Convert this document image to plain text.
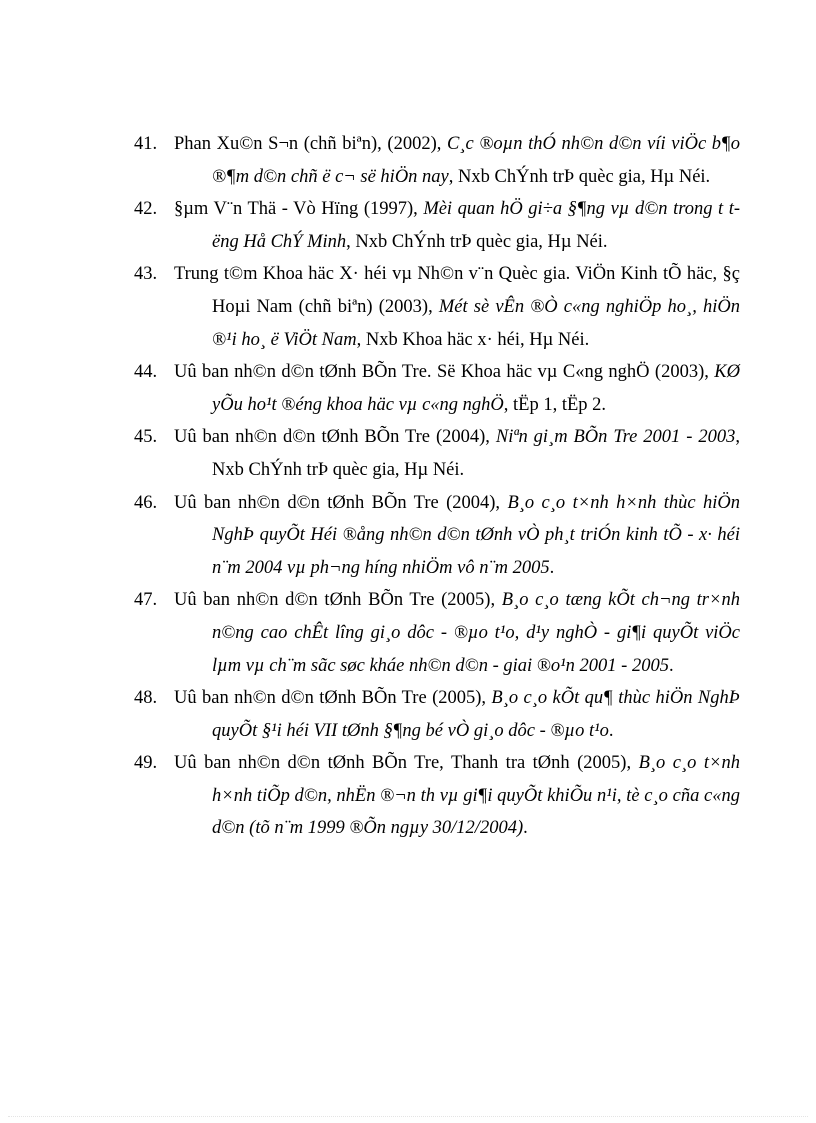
41. Phan Xu©n S¬n (chñ biªn), (2002), C¸c ®oµn thÓ nh©n d©n víi viÖc b¶o ®¶m d©n chñ ë c¬ së hiÖn nay, Nxb ChÝnh trÞ quèc gia, Hµ Néi.
42. §µm V¨n Thä - Vò Hïng (1997), Mèi quan hÖ gi÷a §¶ng vµ d©n trong t tëng Hå ChÝ Minh, Nxb ChÝnh trÞ quèc gia, Hµ Néi.
43. Trung t©m Khoa häc X· héi vµ Nh©n v¨n Quèc gia. ViÖn Kinh tÕ häc, §ç Hoµi Nam (chñ biªn) (2003), Mét sè vÊn ®Ò c«ng nghiÖp ho¸, hiÖn ®¹i ho¸ ë ViÖt Nam, Nxb Khoa häc x· héi, Hµ Néi.
44. Uû ban nh©n d©n tØnh BÕn Tre. Së Khoa häc vµ C«ng nghÖ (2003), KØ yÕu ho¹t ®éng khoa häc vµ c«ng nghÖ, tËp 1, tËp 2.
45. Uû ban nh©n d©n tØnh BÕn Tre (2004), Niªn gi¸m BÕn Tre 2001 - 2003, Nxb ChÝnh trÞ quèc gia, Hµ Néi.
46. Uû ban nh©n d©n tØnh BÕn Tre (2004), B¸o c¸o t×nh h×nh thùc hiÖn NghÞ quyÕt Héi ®ång nh©n d©n tØnh vÒ ph¸t triÓn kinh tÕ - x· héi n¨m 2004 vµ ph¬ng híng nhiÖm vô n¨m 2005.
47. Uû ban nh©n d©n tØnh BÕn Tre (2005), B¸o c¸o tæng kÕt ch¬ng tr×nh n©ng cao chÊt lîng gi¸o dôc - ®µo t¹o, d¹y nghÒ - gi¶i quyÕt viÖc lµm vµ ch¨m sãc søc kháe nh©n d©n - giai ®o¹n 2001 - 2005.
48. Uû ban nh©n d©n tØnh BÕn Tre (2005), B¸o c¸o kÕt qu¶ thùc hiÖn NghÞ quyÕt §¹i héi VII tØnh §¶ng bé vÒ gi¸o dôc - ®µo t¹o.
49. Uû ban nh©n d©n tØnh BÕn Tre, Thanh tra tØnh (2005), B¸o c¸o t×nh h×nh tiÕp d©n, nhËn ®¬n th vµ gi¶i quyÕt khiÕu n¹i, tè c¸o cña c«ng d©n (tõ n¨m 1999 ®Õn ngµy 30/12/2004).
